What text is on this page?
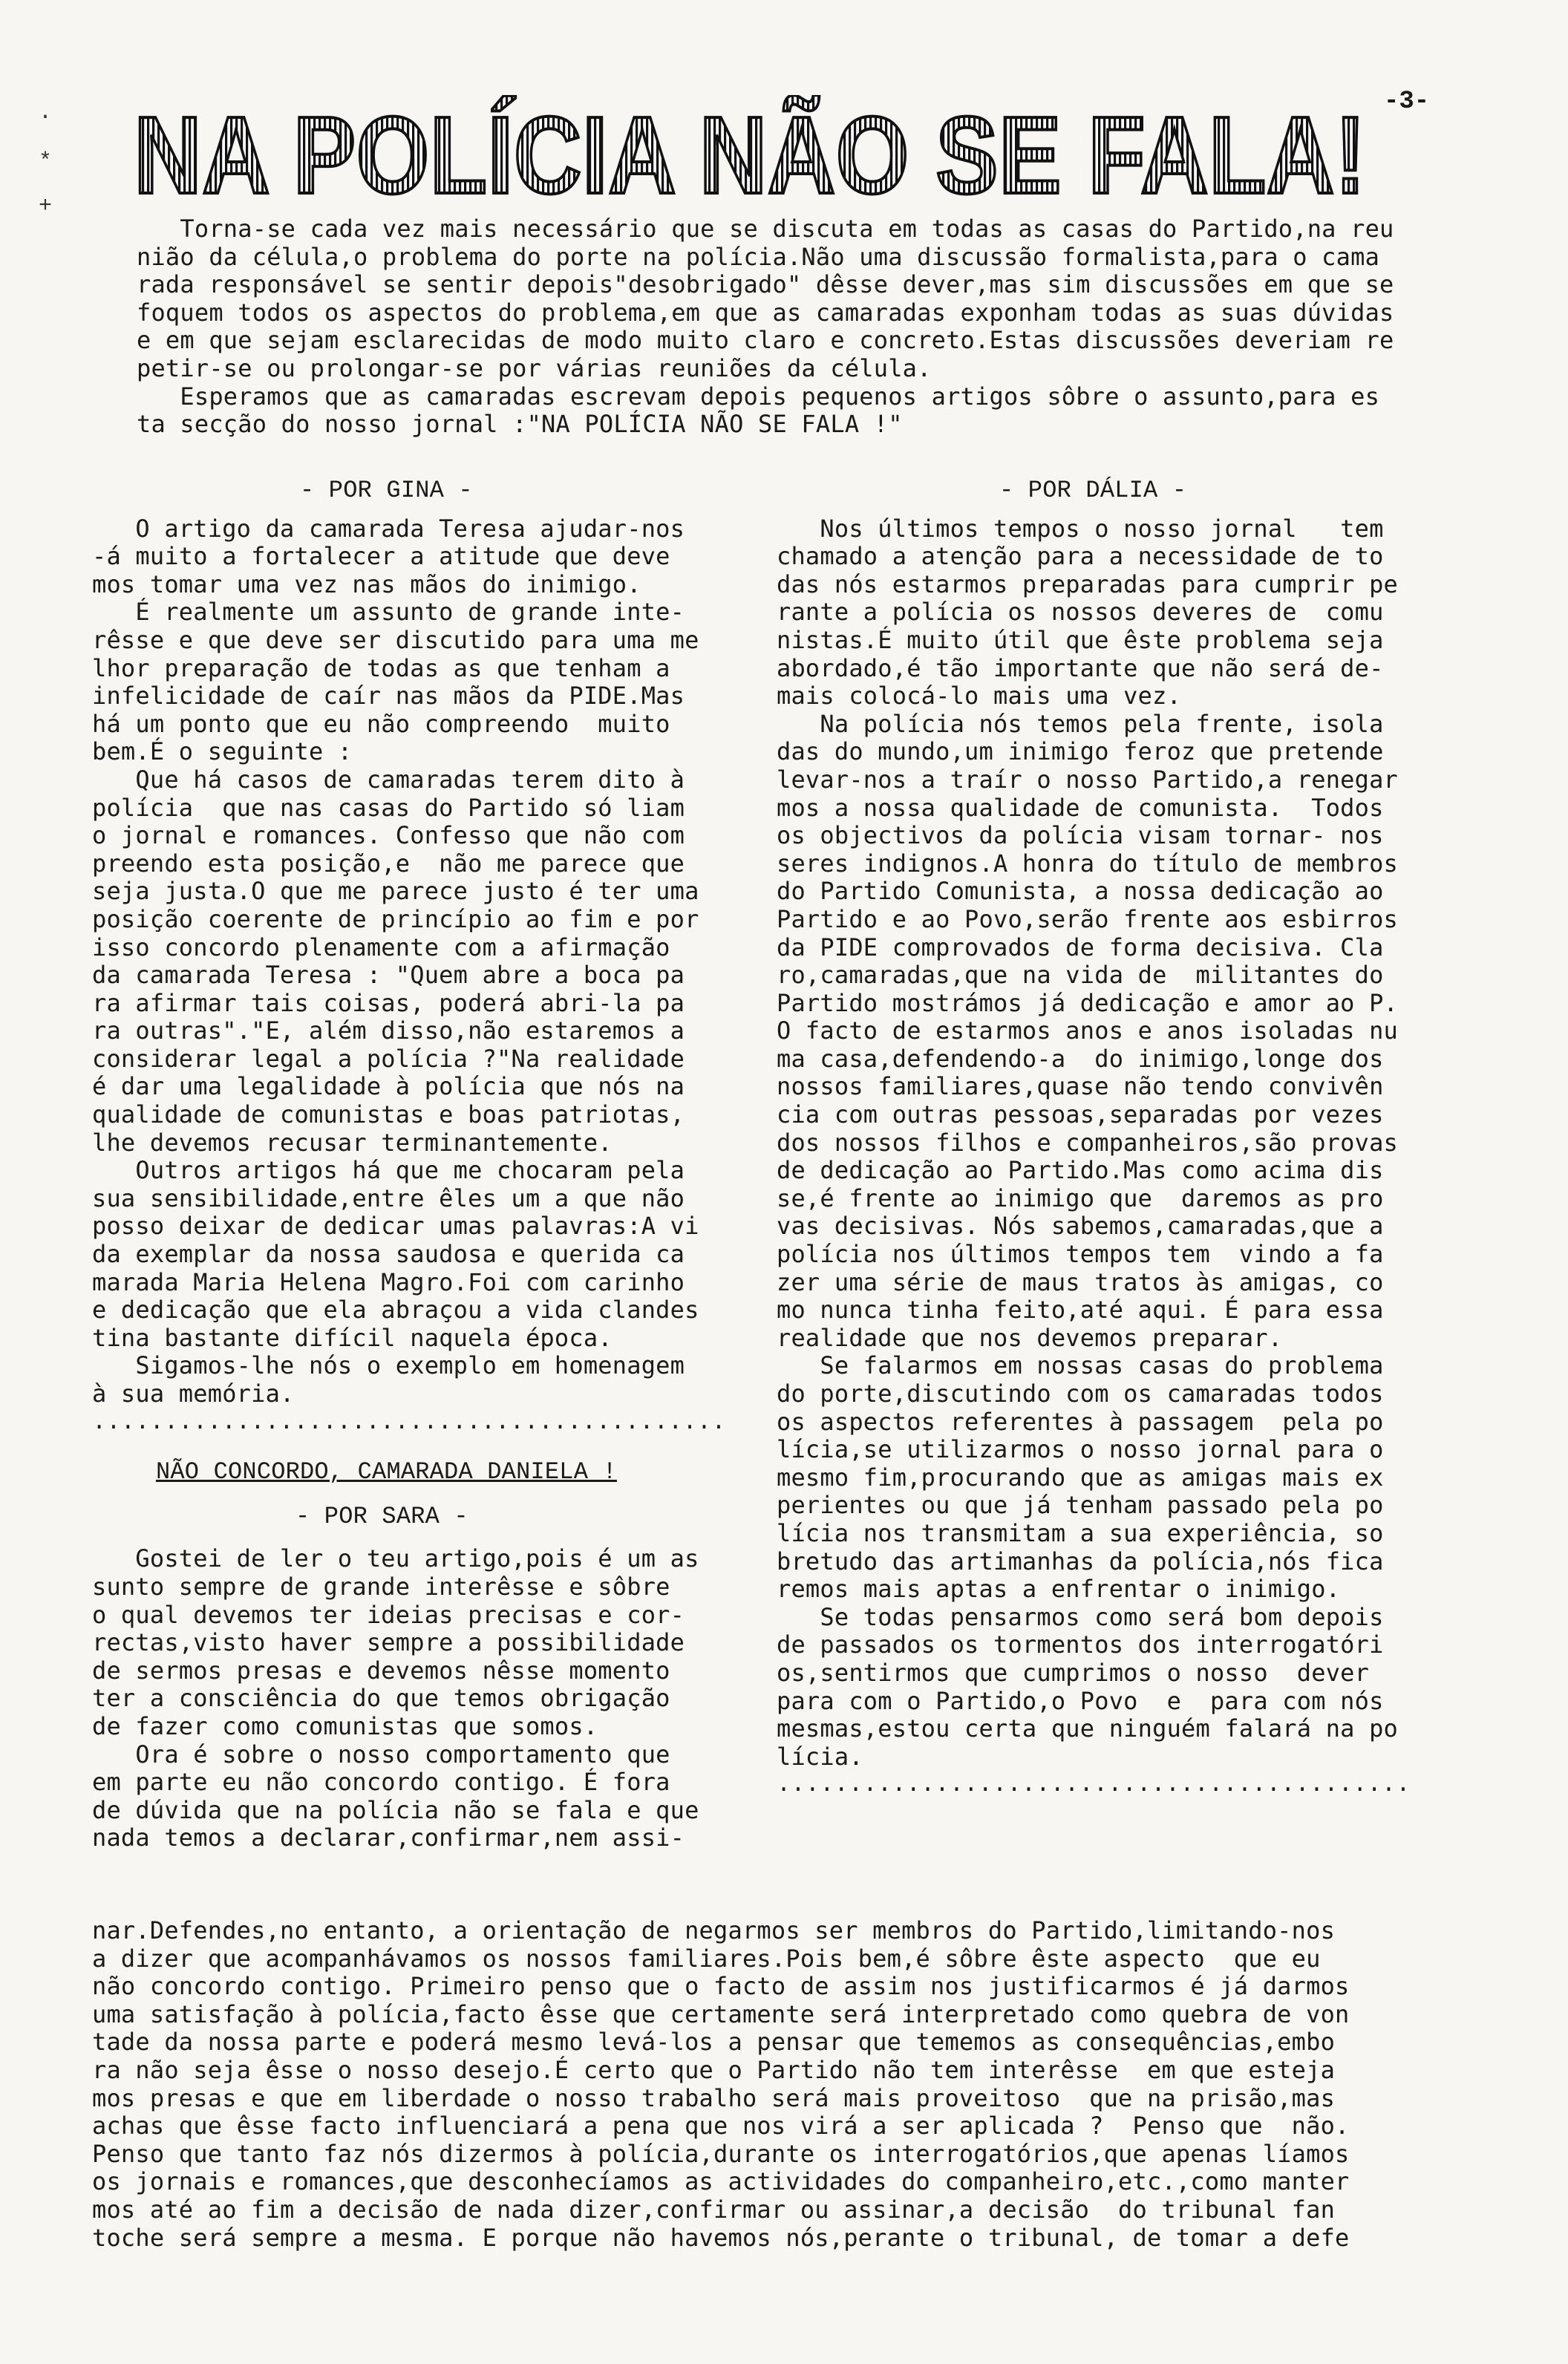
·
*
+ NA POLÍCIA NÃO SE FALA! -3-
Torna-se cada vez mais necessário que se discuta em todas as casas do Partido,na reu
nião da célula,o problema do porte na polícia.Não uma discussão formalista,para o cama
rada responsável se sentir depois"desobrigado" dêsse dever,mas sim discussões em que se
foquem todos os aspectos do problema,em que as camaradas exponham todas as suas dúvidas
e em que sejam esclarecidas de modo muito claro e concreto.Estas discussões deveriam re
petir-se ou prolongar-se por várias reuniões da célula.
Esperamos que as camaradas escrevam depois pequenos artigos sôbre o assunto,para es
ta secção do nosso jornal :"NA POLÍCIA NÃO SE FALA !"
- POR GINA -
O artigo da camarada Teresa ajudar-nos
-á muito a fortalecer a atitude que deve
mos tomar uma vez nas mãos do inimigo.
É realmente um assunto de grande inte-
rêsse e que deve ser discutido para uma me
lhor preparação de todas as que tenham a
infelicidade de caír nas mãos da PIDE.Mas
há um ponto que eu não compreendo  muito
bem.É o seguinte :
Que há casos de camaradas terem dito à
polícia  que nas casas do Partido só liam
o jornal e romances. Confesso que não com
preendo esta posição,e  não me parece que
seja justa.O que me parece justo é ter uma
posição coerente de princípio ao fim e por
isso concordo plenamente com a afirmação
da camarada Teresa : "Quem abre a boca pa
ra afirmar tais coisas, poderá abri-la pa
ra outras"."E, além disso,não estaremos a
considerar legal a polícia ?"Na realidade
é dar uma legalidade à polícia que nós na
qualidade de comunistas e boas patriotas,
lhe devemos recusar terminantemente.
Outros artigos há que me chocaram pela
sua sensibilidade,entre êles um a que não
posso deixar de dedicar umas palavras:A vi
da exemplar da nossa saudosa e querida ca
marada Maria Helena Magro.Foi com carinho
e dedicação que ela abraçou a vida clandes
tina bastante difícil naquela época.
Sigamos-lhe nós o exemplo em homenagem
à sua memória.
............................................
NÃO CONCORDO, CAMARADA DANIELA !
- POR SARA -
Gostei de ler o teu artigo,pois é um as
sunto sempre de grande interêsse e sôbre
o qual devemos ter ideias precisas e cor-
rectas,visto haver sempre a possibilidade
de sermos presas e devemos nêsse momento
ter a consciência do que temos obrigação
de fazer como comunistas que somos.
Ora é sobre o nosso comportamento que
em parte eu não concordo contigo. É fora
de dúvida que na polícia não se fala e que
nada temos a declarar,confirmar,nem assi-
- POR DÁLIA -
Nos últimos tempos o nosso jornal   tem
chamado a atenção para a necessidade de to
das nós estarmos preparadas para cumprir pe
rante a polícia os nossos deveres de  comu
nistas.É muito útil que êste problema seja
abordado,é tão importante que não será de-
mais colocá-lo mais uma vez.
Na polícia nós temos pela frente, isola
das do mundo,um inimigo feroz que pretende
levar-nos a traír o nosso Partido,a renegar
mos a nossa qualidade de comunista.  Todos
os objectivos da polícia visam tornar- nos
seres indignos.A honra do título de membros
do Partido Comunista, a nossa dedicação ao
Partido e ao Povo,serão frente aos esbirros
da PIDE comprovados de forma decisiva. Cla
ro,camaradas,que na vida de  militantes do
Partido mostrámos já dedicação e amor ao P.
O facto de estarmos anos e anos isoladas nu
ma casa,defendendo-a  do inimigo,longe dos
nossos familiares,quase não tendo convivên
cia com outras pessoas,separadas por vezes
dos nossos filhos e companheiros,são provas
de dedicação ao Partido.Mas como acima dis
se,é frente ao inimigo que  daremos as pro
vas decisivas. Nós sabemos,camaradas,que a
polícia nos últimos tempos tem  vindo a fa
zer uma série de maus tratos às amigas, co
mo nunca tinha feito,até aqui. É para essa
realidade que nos devemos preparar.
Se falarmos em nossas casas do problema
do porte,discutindo com os camaradas todos
os aspectos referentes à passagem  pela po
lícia,se utilizarmos o nosso jornal para o
mesmo fim,procurando que as amigas mais ex
perientes ou que já tenham passado pela po
lícia nos transmitam a sua experiência, so
bretudo das artimanhas da polícia,nós fica
remos mais aptas a enfrentar o inimigo.
Se todas pensarmos como será bom depois
de passados os tormentos dos interrogatóri
os,sentirmos que cumprimos o nosso  dever
para com o Partido,o Povo  e  para com nós
mesmas,estou certa que ninguém falará na po
lícia.
............................................
nar.Defendes,no entanto, a orientação de negarmos ser membros do Partido,limitando-nos
a dizer que acompanhávamos os nossos familiares.Pois bem,é sôbre êste aspecto  que eu
não concordo contigo. Primeiro penso que o facto de assim nos justificarmos é já darmos
uma satisfação à polícia,facto êsse que certamente será interpretado como quebra de von
tade da nossa parte e poderá mesmo levá-los a pensar que tememos as consequências,embo
ra não seja êsse o nosso desejo.É certo que o Partido não tem interêsse  em que esteja
mos presas e que em liberdade o nosso trabalho será mais proveitoso  que na prisão,mas
achas que êsse facto influenciará a pena que nos virá a ser aplicada ?  Penso que  não.
Penso que tanto faz nós dizermos à polícia,durante os interrogatórios,que apenas líamos
os jornais e romances,que desconhecíamos as actividades do companheiro,etc.,como manter
mos até ao fim a decisão de nada dizer,confirmar ou assinar,a decisão  do tribunal fan
toche será sempre a mesma. E porque não havemos nós,perante o tribunal, de tomar a defe
